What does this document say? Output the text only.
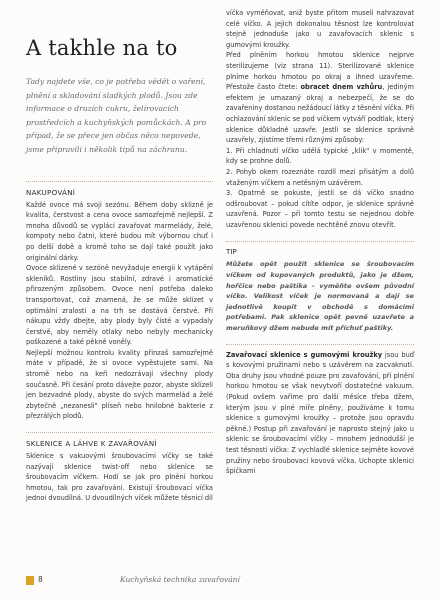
A takhle na to

Tady najdete vše, co je potřeba vědět o vaření, plnění a skladování sladkých plodů. Jsou zde informace o druzích cukru, želírovacích prostředcích a kuchyňských pomůckách. A pro případ, že se přece jen občas něco nepovede, jsme připravili i několik tipů na záchranu.

NAKUPOVÁNÍ

Každé ovoce má svoji sezónu. Během doby sklizně je kvalita, čerstvost a cena ovoce samozřejmě nejlepší. Z mnoha důvodů se vyplácí zavařovat marmelády, želé, kompoty nebo čatni, které budou mít výbornou chuť i po delší době a kromě toho se dají také použít jako originální dárky.

Ovoce sklizené v sezóně nevyžaduje energii k vytápění skleníků. Rostliny jsou stabilní, zdravé i aromatické přirozeným způsobem. Ovoce není potřeba daleko transportovat, což znamená, že se může sklízet v optimální zralosti a na trh se dostává čerstvé. Při nákupu vždy dbejte, aby plody byly čisté a vypadaly čerstvě, aby neměly otlaky nebo nebyly mechanicky poškozené a také pěkně voněly.

Nejlepší možnou kontrolu kvality přinzaš samozřejmě máte v případě, že si ovoce vypěstujete sami. Na stromě nebo na keři nedozrávají všechny plody současně. Při česání proto dávejte pozor, abyste sklízeli jen bezvadné plody, abyste do svých marmelád a želé zbytečně „nezanesli" plíseň nebo hnilobné bakterie z přezrálých plodů.

SKLENICE A LÁHVE K ZAVAŘOVÁNÍ

Sklenice s vakuovými šroubovacími víčky se také nazývají sklenice twist-off nebo sklenice se šroubovacím víčkem. Hodí se jak pro plnění horkou hmotou, tak pro zavařování. Existují šroubovací víčka jednoi dvoudílná. U dvoudílných víček můžete těsnicí díl

víčka vyměňovat, aniž byste přitom museli nahrazovat celé víčko. A jejich dokonalou těsnost lze kontrolovat stejně jednoduše jako u zavařovacích sklenic s gumovými kroužky.

Před plněním horkou hmotou sklenice nejprve sterilizujeme (viz strana 11). Sterilizované sklenice plníme horkou hmotou po okraj a ihned uzavřeme. Přestože často čtete: obracet dnem vzhůru, jediným efektem je umazaný okraj a nebezpečí, že se do zavařeniny dostanou nežádoucí látky z těsnění víčka. Při ochlazování sklenic se pod víčkem vytváří podtlak, který sklenice důkladně uzavře. Jestli se sklenice správně uzavřely, zjistíme třemi různými způsoby:

1. Při chladnutí víčko udělá typické „klik" v momentě, kdy se prohne dolů.
2. Pohyb okem rozeznáte rozdíl mezi přisátým a dolů vtaženým víčkem a netěsným uzávěrem.
3. Opatrně se pokuste, jestli se dá víčko snadno odšroubovat – pokud cítíte odpor, je sklenice správně uzavřená. Pozor – při tomto testu se nejednou dobře uzavřenou sklenici povede nechtěně znovu otevřít.
TIP

Můžete opět použít sklenice se šroubovacím víčkem od kupovaných produktů, jako je džem, hořčice nebo paštika – vyměňte ovšem původní víčko. Velikost víček je normovaná a dají se jednotlivě koupit v obchodě s domácími potřebami. Pak sklenice opět pevně uzavřete a meruňkový džem nebude mít příchuť paštiky.

Zavařovací sklenice s gumovými kroužky jsou buď s kovovými pružinami nebo s uzávěrem na zacvaknutí. Oba druhy jsou vhodné pouze pro zavařování, při plnění horkou hmotou se však nevytvoří dostatečné vakuum. (Pokud ovšem vaříme pro další měsíce třeba džem, kterým jsou v plné míře plněny, používáme k tomu sklenice s gumovými kroužky – protože jsou opravdu pěkné.) Postup při zavařování je naprosto stejný jako u sklenic se šroubovacími víčky – mnohem jednodušší je test těsnosti víčka: Z vychladlé sklenice sejměte kovové pružiny nebo šroubovací kovová víčka. Uchopte sklenici špičkami

8	Kuchyňská technika zavařování
